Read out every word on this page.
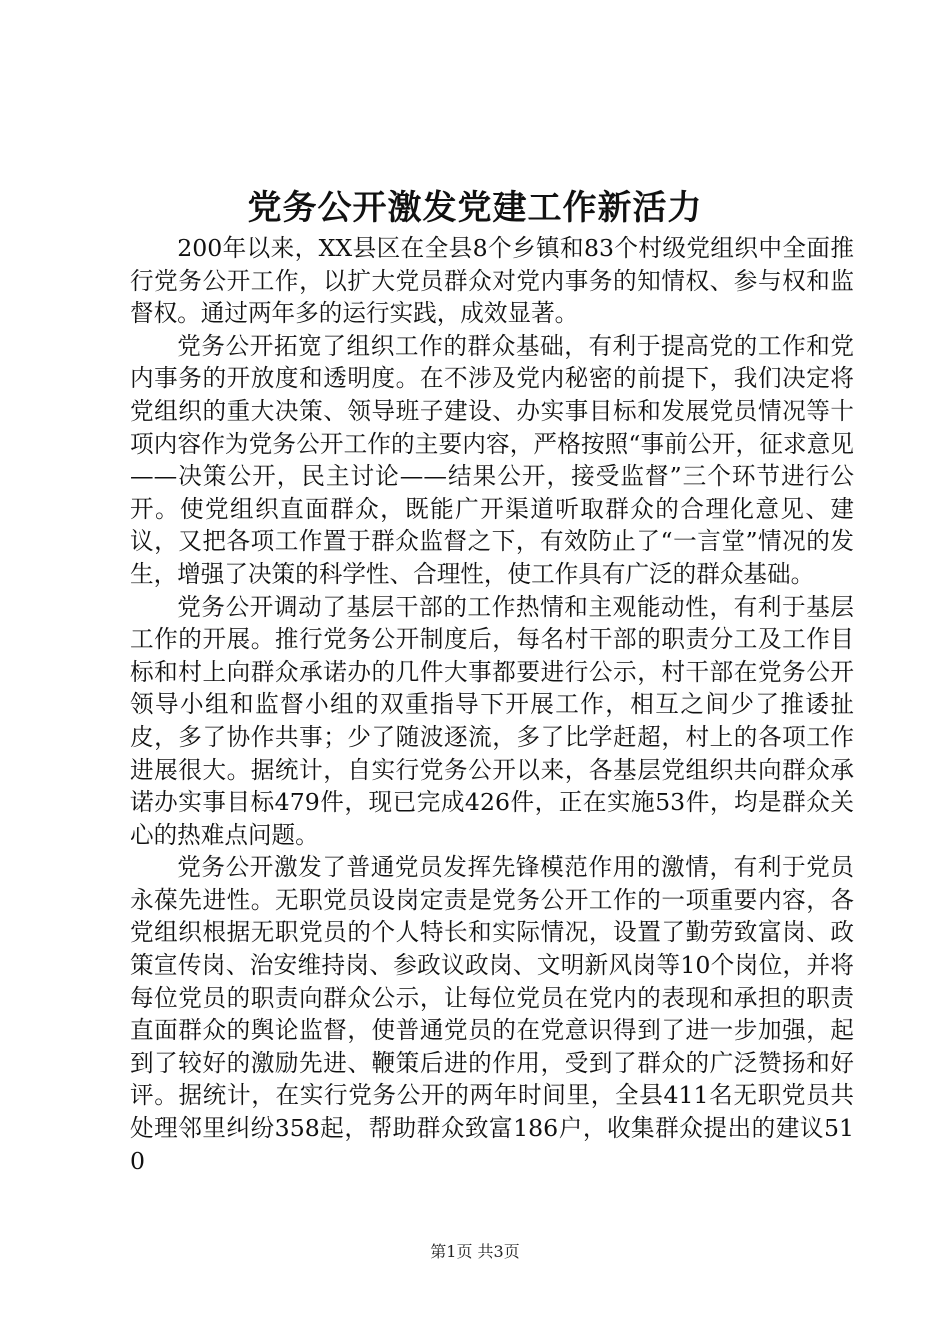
党务公开激发党建工作新活力

200年以来，XX县区在全县8个乡镇和83个村级党组织中全面推行党务公开工作，以扩大党员群众对党内事务的知情权、参与权和监督权。通过两年多的运行实践，成效显著。

党务公开拓宽了组织工作的群众基础，有利于提高党的工作和党内事务的开放度和透明度。在不涉及党内秘密的前提下，我们决定将党组织的重大决策、领导班子建设、办实事目标和发展党员情况等十项内容作为党务公开工作的主要内容，严格按照“事前公开，征求意见——决策公开，民主讨论——结果公开，接受监督”三个环节进行公开。使党组织直面群众，既能广开渠道听取群众的合理化意见、建议，又把各项工作置于群众监督之下，有效防止了“一言堂”情况的发生，增强了决策的科学性、合理性，使工作具有广泛的群众基础。

党务公开调动了基层干部的工作热情和主观能动性，有利于基层工作的开展。推行党务公开制度后，每名村干部的职责分工及工作目标和村上向群众承诺办的几件大事都要进行公示，村干部在党务公开领导小组和监督小组的双重指导下开展工作，相互之间少了推诿扯皮，多了协作共事；少了随波逐流，多了比学赶超，村上的各项工作进展很大。据统计，自实行党务公开以来，各基层党组织共向群众承诺办实事目标479件，现已完成426件，正在实施53件，均是群众关心的热难点问题。

党务公开激发了普通党员发挥先锋模范作用的激情，有利于党员永葆先进性。无职党员设岗定责是党务公开工作的一项重要内容，各党组织根据无职党员的个人特长和实际情况，设置了勤劳致富岗、政策宣传岗、治安维持岗、参政议政岗、文明新风岗等10个岗位，并将每位党员的职责向群众公示，让每位党员在党内的表现和承担的职责直面群众的舆论监督，使普通党员的在党意识得到了进一步加强，起到了较好的激励先进、鞭策后进的作用，受到了群众的广泛赞扬和好评。据统计，在实行党务公开的两年时间里，全县411名无职党员共处理邻里纠纷358起，帮助群众致富186户，收集群众提出的建议510

第1页 共3页
